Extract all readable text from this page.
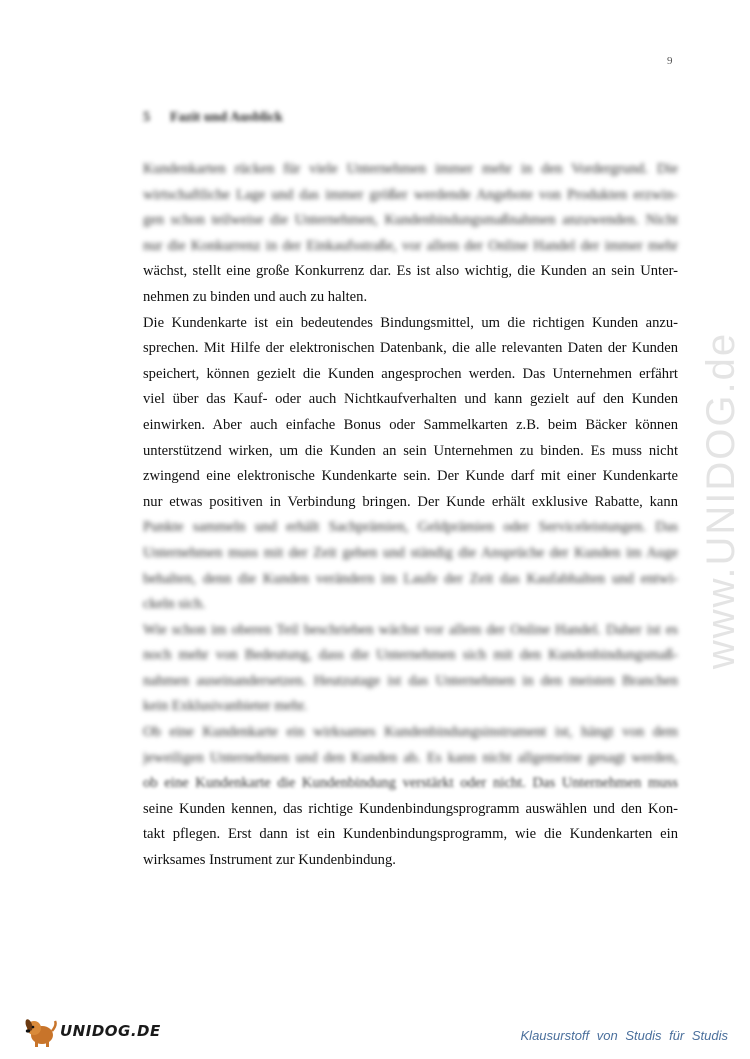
9
5 Fazit und Ausblick
Kundenkarten rücken für viele Unternehmen immer mehr in den Vordergrund. Die
wirtschaftliche Lage und das immer größer werdende Angebote von Produkten erzwin-
gen schon teilweise die Unternehmen, Kundenbindungsmaßnahmen anzuwenden. Nicht
nur die Konkurrenz in der Einkaufsstraße, vor allem der Online Handel der immer mehr
wächst, stellt eine große Konkurrenz dar. Es ist also wichtig, die Kunden an sein Unter-
nehmen zu binden und auch zu halten.
Die Kundenkarte ist ein bedeutendes Bindungsmittel, um die richtigen Kunden anzu-
sprechen. Mit Hilfe der elektronischen Datenbank, die alle relevanten Daten der Kunden
speichert, können gezielt die Kunden angesprochen werden. Das Unternehmen erfährt
viel über das Kauf- oder auch Nichtkaufverhalten und kann gezielt auf den Kunden
einwirken. Aber auch einfache Bonus oder Sammelkarten z.B. beim Bäcker können
unterstützend wirken, um die Kunden an sein Unternehmen zu binden. Es muss nicht
zwingend eine elektronische Kundenkarte sein. Der Kunde darf mit einer Kundenkarte
nur etwas positiven in Verbindung bringen. Der Kunde erhält exklusive Rabatte, kann
Punkte sammeln und erhält Sachprämien, Geldprämien oder Serviceleistungen. Das
Unternehmen muss mit der Zeit gehen und ständig die Ansprüche der Kunden im Auge
behalten, denn die Kunden verändern im Laufe der Zeit das Kaufabhalten und entwi-
ckeln sich.
Wie schon im oberen Teil beschrieben wächst vor allem der Online Handel. Daher ist es
noch mehr von Bedeutung, dass die Unternehmen sich mit den Kundenbindungsmaß-
nahmen auseinandersetzen. Heutzutage ist das Unternehmen in den meisten Branchen
kein Exklusivanbieter mehr.
Ob eine Kundenkarte ein wirksames Kundenbindungsinstrument ist, hängt von dem
jeweiligen Unternehmen und den Kunden ab. Es kann nicht allgemeine gesagt werden,
ob eine Kundenkarte die Kundenbindung verstärkt oder nicht. Das Unternehmen muss
seine Kunden kennen, das richtige Kundenbindungsprogramm auswählen und den Kon-
takt pflegen. Erst dann ist ein Kundenbindungsprogramm, wie die Kundenkarten ein
wirksames Instrument zur Kundenbindung.
www.UNIDOG.de
UNIDOG.DE	Klausurstoff von Studis für Studis
